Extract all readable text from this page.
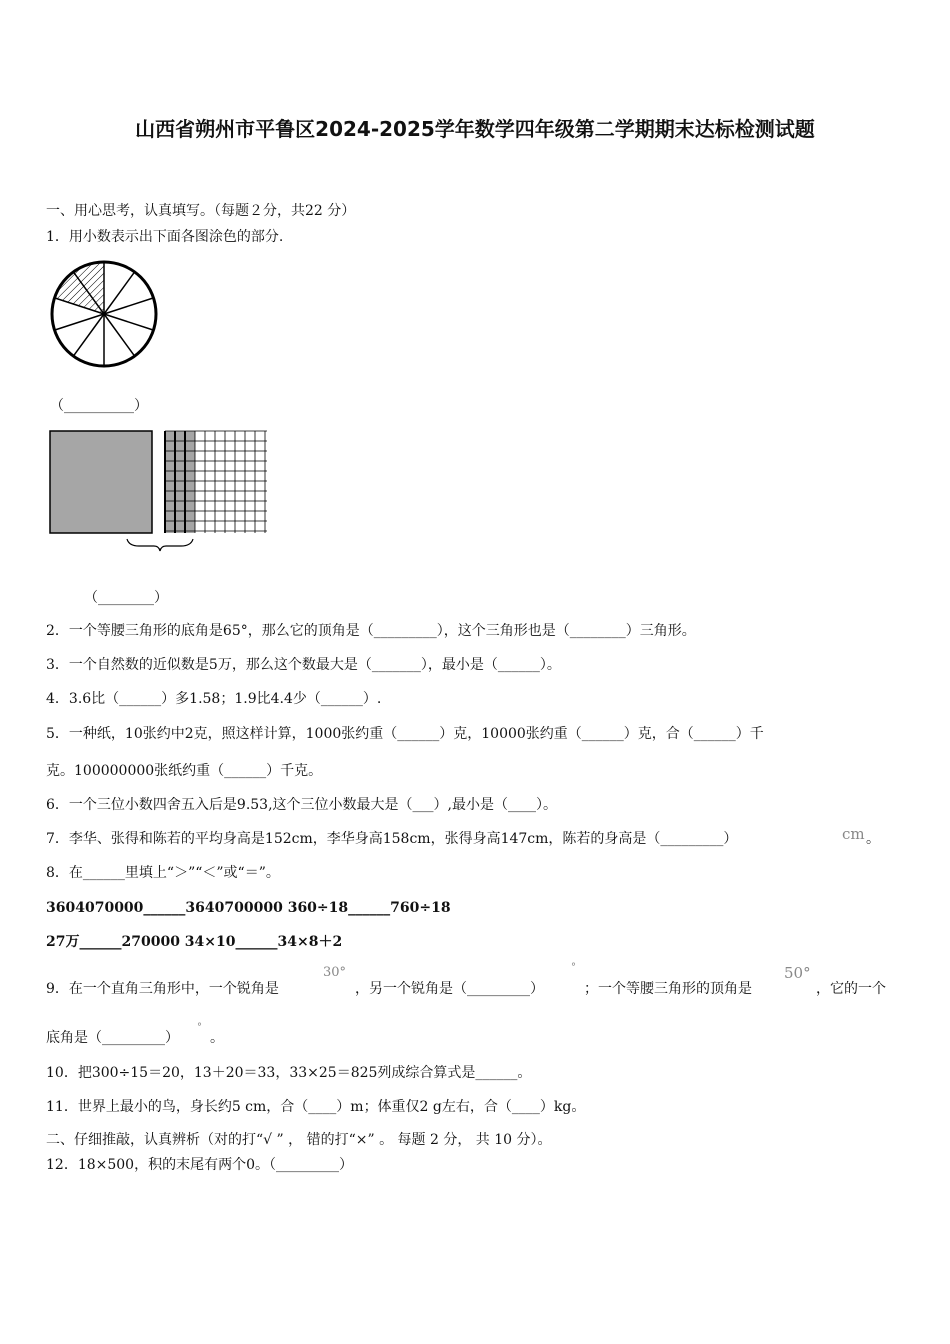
山西省朔州市平鲁区2024-2025学年数学四年级第二学期期末达标检测试题
一、用心思考，认真填写。（每题２分，共22 分）
1．用小数表示出下面各图涂色的部分.
（__________）
（________）
2．一个等腰三角形的底角是65°，那么它的顶角是（_________），这个三角形也是（________）三角形。
3．一个自然数的近似数是5万，那么这个数最大是（_______），最小是（______）。
4．3.6比（______）多1.58；1.9比4.4少（______）.
5．一种纸，10张约中2克，照这样计算，1000张约重（______）克，10000张约重（______）克，合（______）千
克。100000000张纸约重（______）千克。
6．一个三位小数四舍五入后是9.53,这个三位小数最大是（___）,最小是（____）。
7．李华、张得和陈若的平均身高是152cm，李华身高158cm，张得身高147cm，陈若的身高是（_________）	cm 。
8．在______里填上“＞”“＜”或“＝”。
3604070000______3640700000 360÷18______760÷18
27万______270000 34×10______34×8＋2
9．在一个直角三角形中，一个锐角是
30°
，另一个锐角是（_________）
°
；一个等腰三角形的顶角是
50°
，它的一个
底角是（_________）
°
。
10．把300÷15＝20，13＋20＝33，33×25＝825列成综合算式是______。
11．世界上最小的鸟，身长约5 cm，合（____）m；体重仅2 g左右，合（____）kg。
二、仔细推敲，认真辨析（对的打“√ ” ， 错的打“×” 。 每题 2 分， 共 10 分）。
12．18×500，积的末尾有两个0。（_________）
